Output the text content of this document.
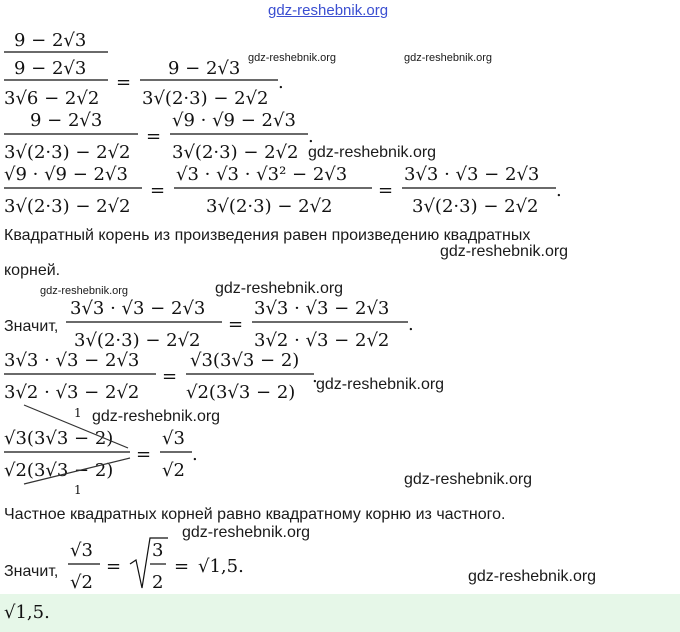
gdz-reshebnik.org
gdz-reshebnik.org	gdz-reshebnik.org
gdz-reshebnik.org
gdz-reshebnik.org
gdz-reshebnik.org	gdz-reshebnik.org
gdz-reshebnik.org
gdz-reshebnik.org
gdz-reshebnik.org
gdz-reshebnik.org
gdz-reshebnik.org
9 − 2√3
9 − 2√3
3√6 − 2√2
=
9 − 2√3
3√(2·3) − 2√2
.
9 − 2√3
3√(2·3) − 2√2
=
√9 · √9 − 2√3
3√(2·3) − 2√2
.
√9 · √9 − 2√3
3√(2·3) − 2√2
=
√3 · √3 · √3² − 2√3
3√(2·3) − 2√2
=
3√3 · √3 − 2√3
3√(2·3) − 2√2
.
Квадратный корень из произведения равен произведению квадратных
корней.
3√3 · √3 − 2√3
3√(2·3) − 2√2
=
3√3 · √3 − 2√3
3√2 · √3 − 2√2
.
3√3 · √3 − 2√3
3√2 · √3 − 2√2
=
√3(3√3 − 2)
√2(3√3 − 2)
.
1
√3(3√3 − 2)
√2(3√3 − 2)
1
=
√3
√2
.
Частное квадратных корней равно квадратному корню из частного.
Значит,
Значит,
√3
√2
=
3
2
= √1,5.
√1,5.
